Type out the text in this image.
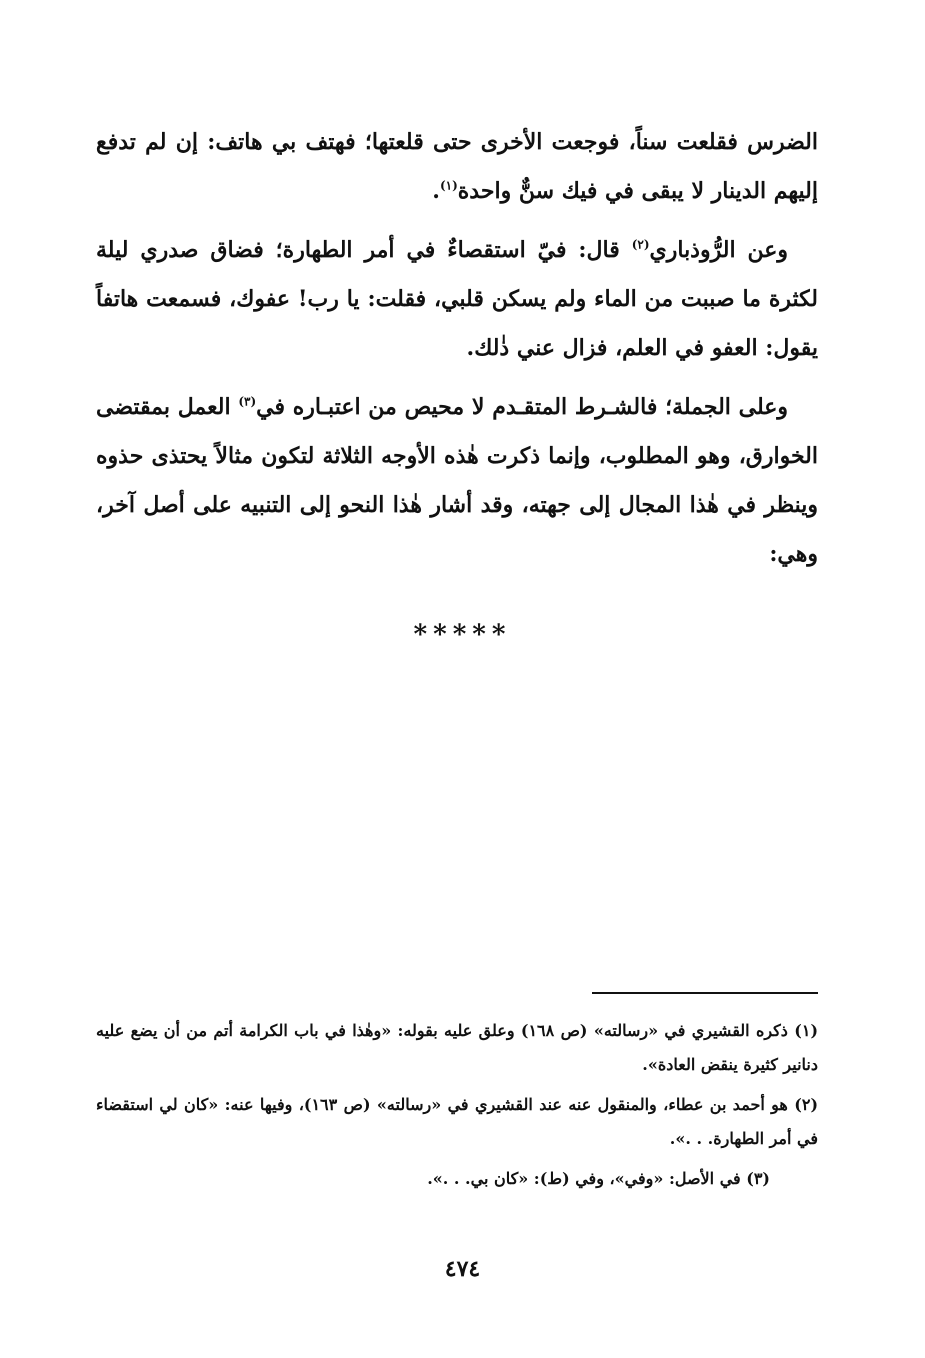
الضرس فقلعت سناً، فوجعت الأخرى حتى قلعتها؛ فهتف بي هاتف: إن لم تدفع إليهم الدينار لا يبقى في فيك سنٌّ واحدة$^{(١)}$.

وعن الرُّوذباري$^{(٢)}$ قال: فيّ استقصاءٌ في أمر الطهارة؛ فضاق صدري ليلة لكثرة ما صببت من الماء ولم يسكن قلبي، فقلت: يا رب! عفوك، فسمعت هاتفاً يقول: العفو في العلم، فزال عني ذٰلك.

وعلى الجملة؛ فالشـرط المتقـدم لا محيص من اعتبـاره في$^{(٣)}$ العمل بمقتضى الخوارق، وهو المطلوب، وإنما ذكرت هٰذه الأوجه الثلاثة لتكون مثالاً يحتذى حذوه وينظر في هٰذا المجال إلى جهته، وقد أشار هٰذا النحو إلى التنبيه على أصل آخر، وهي:

*****

(١) ذكره القشيري في «رسالته» (ص ١٦٨) وعلق عليه بقوله: «وهٰذا في باب الكرامة أتم من أن يضع عليه دنانير كثيرة ينقض العادة».

(٢) هو أحمد بن عطاء، والمنقول عنه عند القشيري في «رسالته» (ص ١٦٣)، وفيها عنه: «كان لي استقضاء في أمر الطهارة. . .».

(٣) في الأصل: «وفي»، وفي (ط): «كان بي. . .».

٤٧٤
